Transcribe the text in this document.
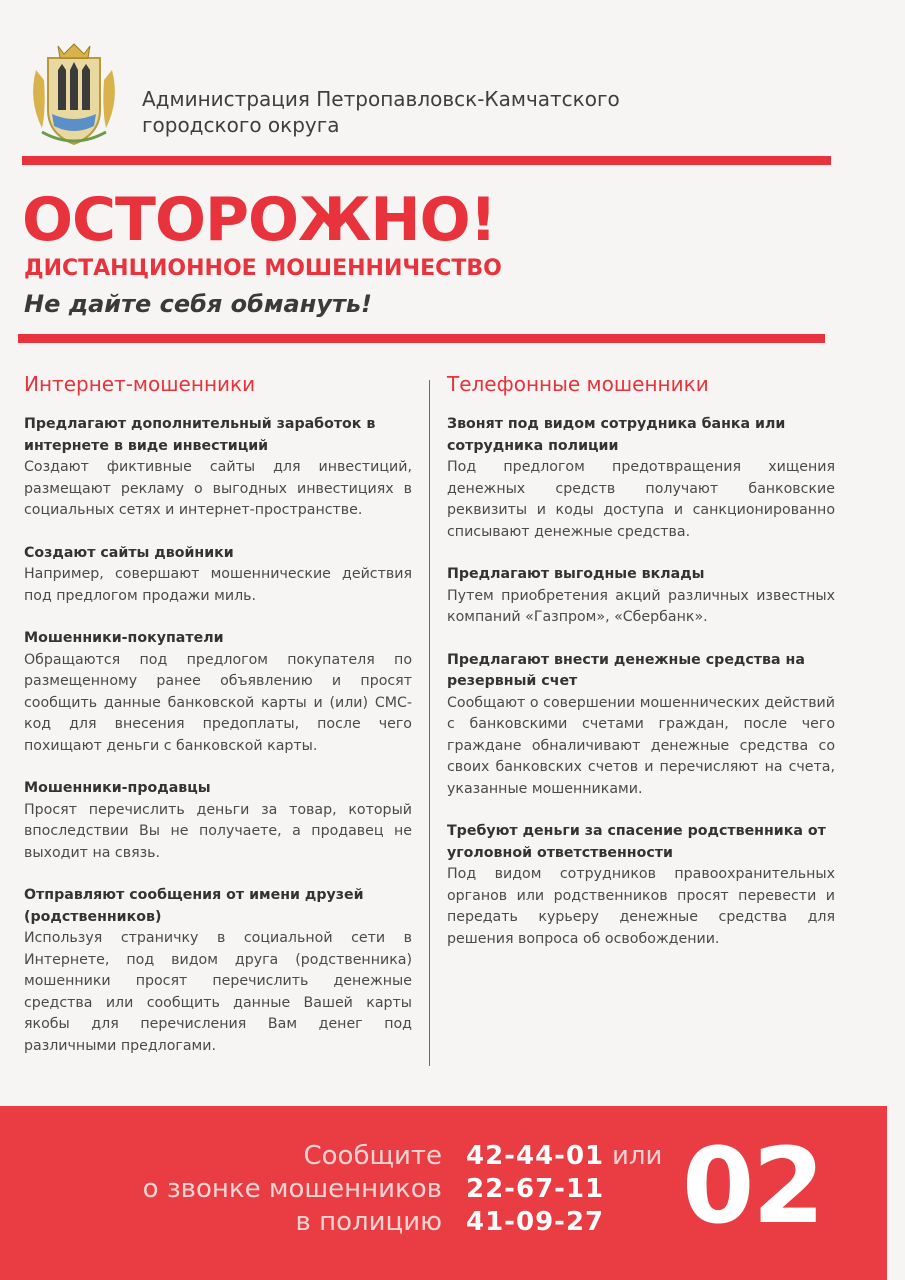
Администрация Петропавловск-Камчатского
городского округа
ОСТОРОЖНО!
ДИСТАНЦИОННОЕ МОШЕННИЧЕСТВО
Не дайте себя обмануть!
Интернет-мошенники
Предлагают дополнительный заработок в интернете в виде инвестиций

Создают фиктивные сайты для инвестиций, размещают рекламу о выгодных инвестициях в социальных сетях и интернет-пространстве.

Создают сайты двойники

Например, совершают мошеннические действия под предлогом продажи миль.

Мошенники-покупатели

Обращаются под предлогом покупателя по размещенному ранее объявлению и просят сообщить данные банковской карты и (или) СМС-код для внесения предоплаты, после чего похищают деньги с банковской карты.

Мошенники-продавцы

Просят перечислить деньги за товар, который впоследствии Вы не получаете, а продавец не выходит на связь.

Отправляют сообщения от имени друзей (родственников)

Используя страничку в социальной сети в Интернете, под видом друга (родственника) мошенники просят перечислить денежные средства или сообщить данные Вашей карты якобы для перечисления Вам денег под различными предлогами.

Телефонные мошенники
Звонят под видом сотрудника банка или сотрудника полиции

Под предлогом предотвращения хищения денежных средств получают банковские реквизиты и коды доступа и санкционированно списывают денежные средства.

Предлагают выгодные вклады

Путем приобретения акций различных известных компаний «Газпром», «Сбербанк».

Предлагают внести денежные средства на резервный счет

Сообщают о совершении мошеннических действий с банковскими счетами граждан, после чего граждане обналичивают денежные средства со своих банковских счетов и перечисляют на счета, указанные мошенниками.

Требуют деньги за спасение родственника от уголовной ответственности

Под видом сотрудников правоохранительных органов или родственников просят перевести и передать курьеру денежные средства для решения вопроса об освобождении.

Сообщите
о звонке мошенников
в полицию
42-44-01
22-67-11
41-09-27
или 02
